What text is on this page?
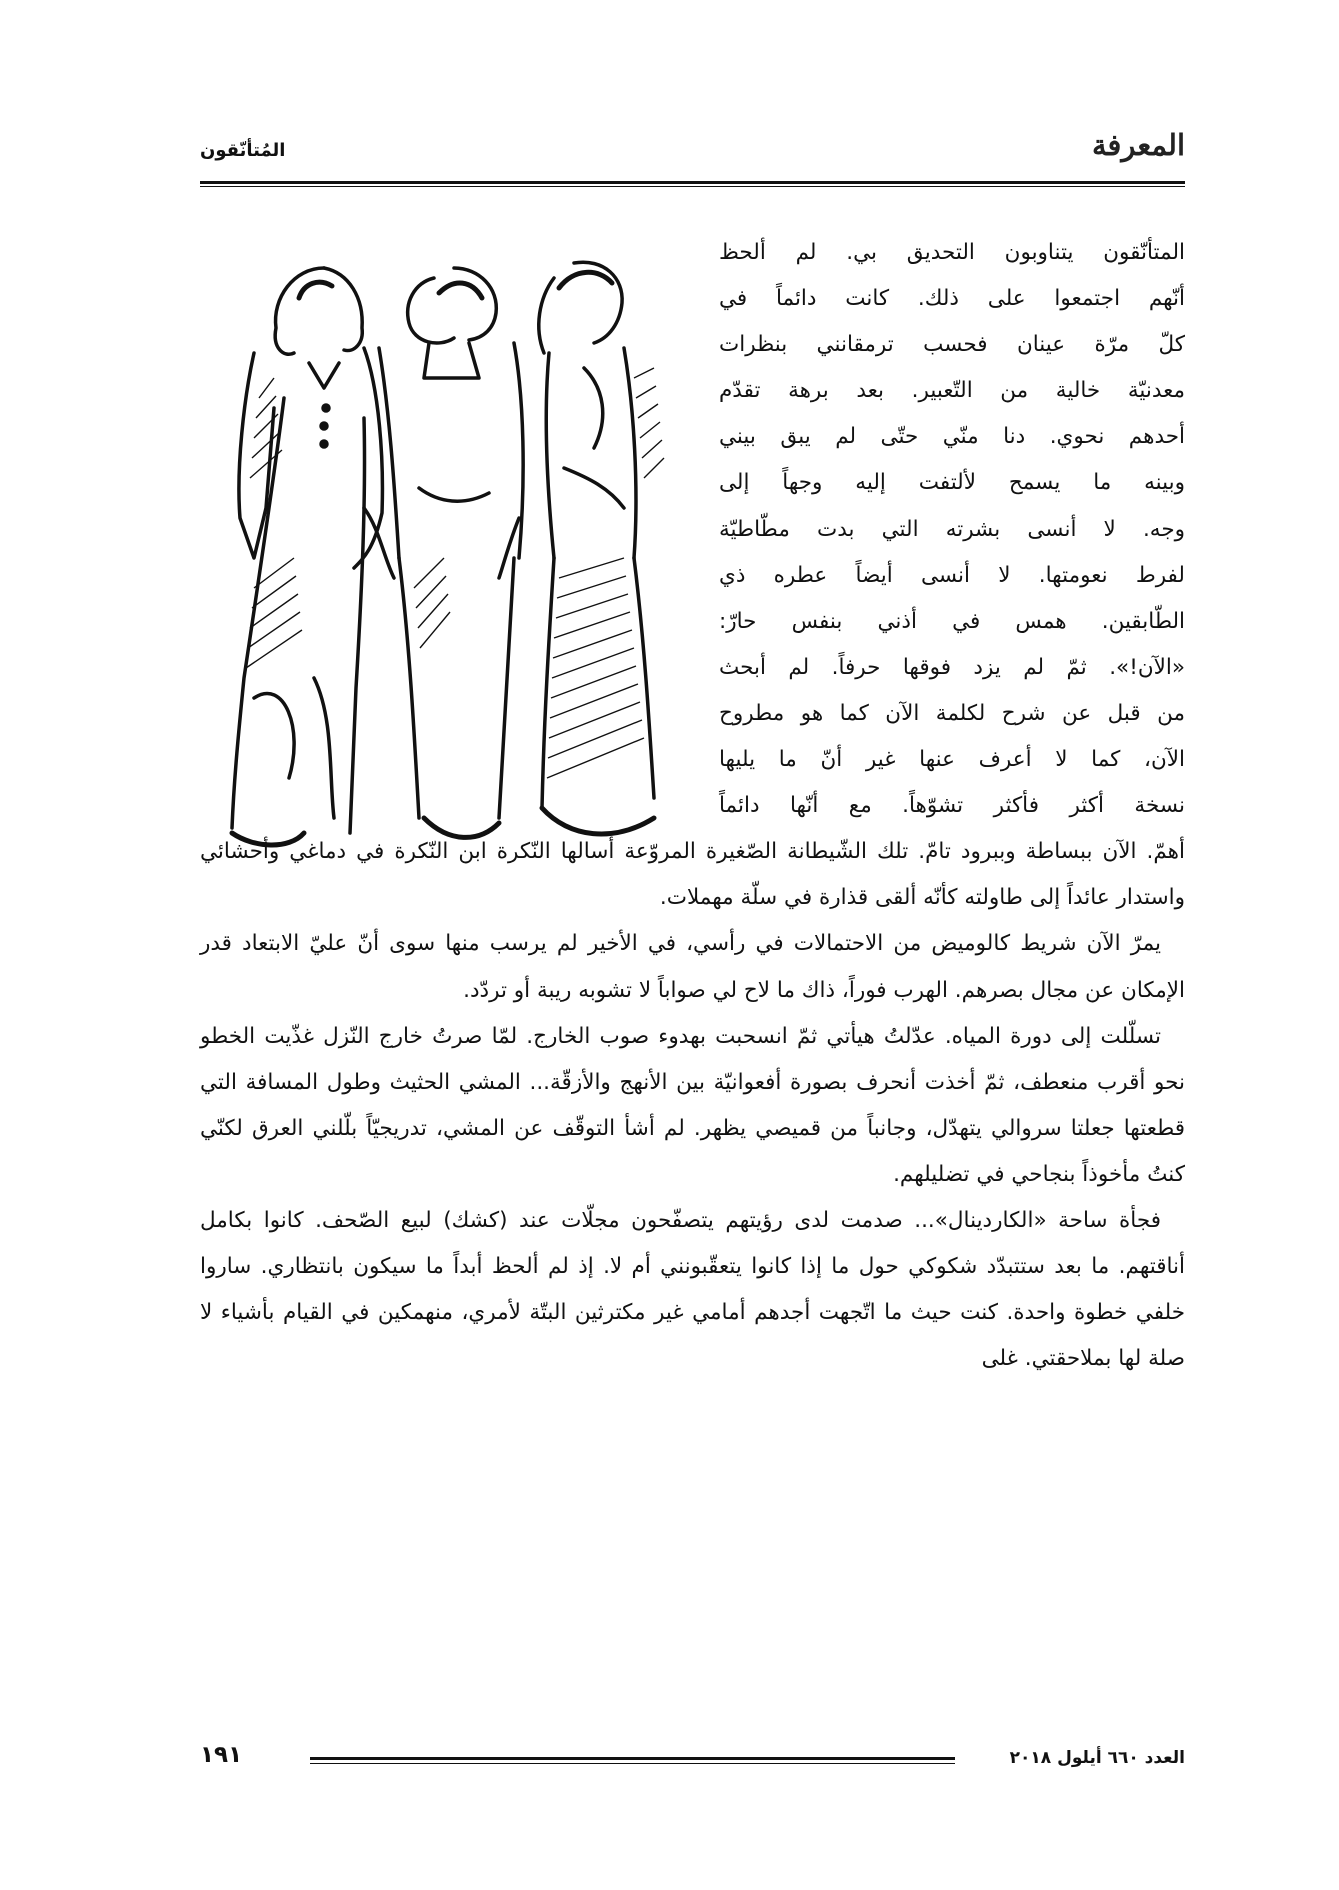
المعرفة
المُتأنّقون
المتأنّقون يتناوبون التحديق بي. لم ألحظ
أنّهم اجتمعوا على ذلك. كانت دائماً في
كلّ مرّة عينان فحسب ترمقانني بنظرات
معدنيّة خالية من التّعبير. بعد برهة تقدّم
أحدهم نحوي. دنا منّي حتّى لم يبق بيني
وبينه ما يسمح لألتفت إليه وجهاً إلى
وجه. لا أنسى بشرته التي بدت مطّاطيّة
لفرط نعومتها. لا أنسى أيضاً عطره ذي
الطّابقين. همس في أذني بنفس حارّ:
«الآن!». ثمّ لم يزد فوقها حرفاً. لم أبحث
من قبل عن شرح لكلمة الآن كما هو مطروح
الآن، كما لا أعرف عنها غير أنّ ما يليها
نسخة أكثر فأكثر تشوّهاً. مع أنّها دائماً

أهمّ. الآن ببساطة وببرود تامّ. تلك الشّيطانة الصّغيرة المروّعة أسالها النّكرة ابن النّكرة في دماغي وأحشائي واستدار عائداً إلى طاولته كأنّه ألقى قذارة في سلّة مهملات.

يمرّ الآن شريط كالوميض من الاحتمالات في رأسي، في الأخير لم يرسب منها سوى أنّ عليّ الابتعاد قدر الإمكان عن مجال بصرهم. الهرب فوراً، ذاك ما لاح لي صواباً لا تشوبه ريبة أو تردّد.

تسلّلت إلى دورة المياه. عدّلتُ هيأتي ثمّ انسحبت بهدوء صوب الخارج. لمّا صرتُ خارج النّزل غذّيت الخطو نحو أقرب منعطف، ثمّ أخذت أنحرف بصورة أفعوانيّة بين الأنهج والأزقّة... المشي الحثيث وطول المسافة التي قطعتها جعلتا سروالي يتهدّل، وجانباً من قميصي يظهر. لم أشأ التوقّف عن المشي، تدريجيّاً بلّلني العرق لكنّي كنتُ مأخوذاً بنجاحي في تضليلهم.

فجأة ساحة «الكاردينال»... صدمت لدى رؤيتهم يتصفّحون مجلّات عند (كشك) لبيع الصّحف. كانوا بكامل أناقتهم. ما بعد ستتبدّد شكوكي حول ما إذا كانوا يتعقّبونني أم لا. إذ لم ألحظ أبداً ما سيكون بانتظاري. ساروا خلفي خطوة واحدة. كنت حيث ما اتّجهت أجدهم أمامي غير مكترثين البتّة لأمري، منهمكين في القيام بأشياء لا صلة لها بملاحقتي. غلى

العدد ٦٦٠ أيلول ٢٠١٨
١٩١
